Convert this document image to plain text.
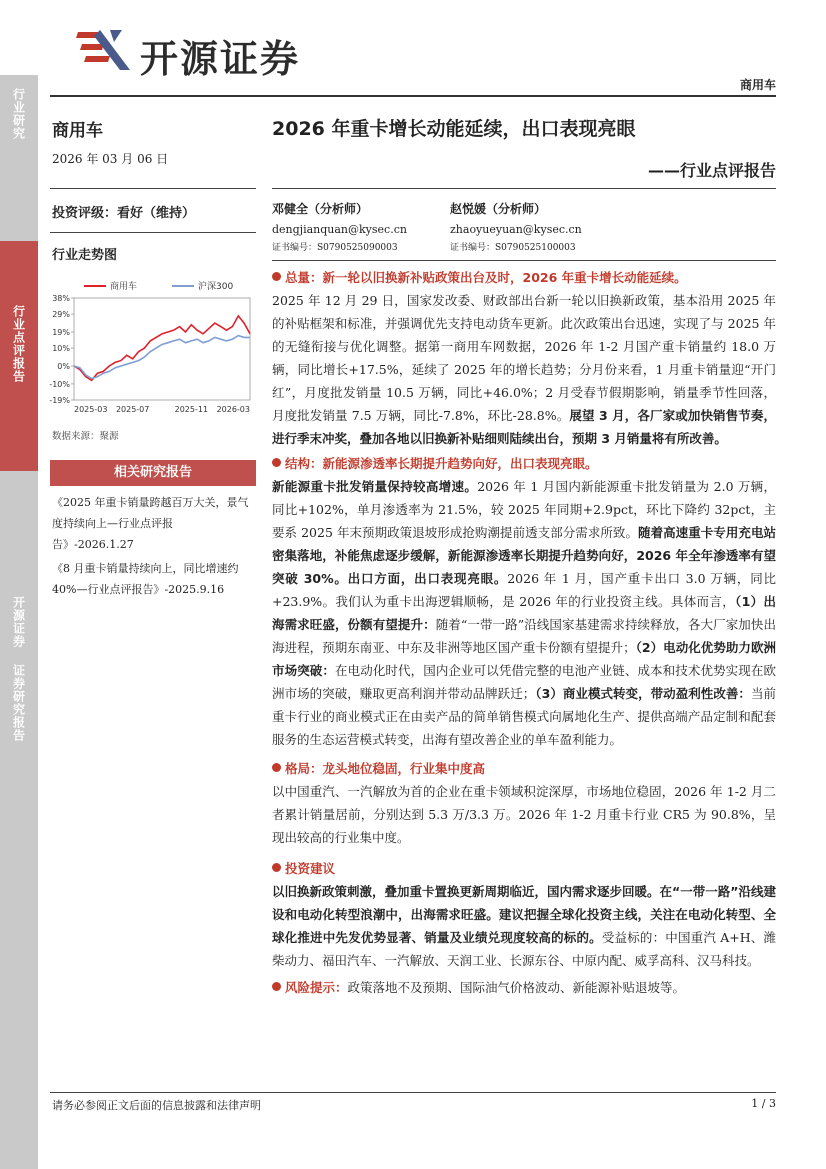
行业研究
行业点评报告
开源证券
证券研究报告
开源证券
商用车
商用车
2026 年 03 月 06 日
投资评级：看好（维持）
行业走势图
38%
29%
19%
10%
0%
-10%
-19%
2025-03 2025-07	2025-11 2026-03
商用车	沪深300
数据来源：聚源
相关研究报告
《2025 年重卡销量跨越百万大关，景气度持续向上—行业点评报告》-2026.1.27
《8 月重卡销量持续向上，同比增速约 40%—行业点评报告》-2025.9.16
2026 年重卡增长动能延续，出口表现亮眼
——行业点评报告
邓健全（分析师）
dengjianquan@kysec.cn
证书编号：S0790525090003
赵悦媛（分析师）
zhaoyueyuan@kysec.cn
证书编号：S0790525100003
总量：新一轮以旧换新补贴政策出台及时，2026 年重卡增长动能延续。
2025 年 12 月 29 日，国家发改委、财政部出台新一轮以旧换新政策，基本沿用 2025 年的补贴框架和标准，并强调优先支持电动货车更新。此次政策出台迅速，实现了与 2025 年的无缝衔接与优化调整。据第一商用车网数据，2026 年 1-2 月国产重卡销量约 18.0 万辆，同比增长+17.5%，延续了 2025 年的增长趋势；分月份来看，1 月重卡销量迎“开门红”，月度批发销量 10.5 万辆，同比+46.0%；2 月受春节假期影响，销量季节性回落，月度批发销量 7.5 万辆，同比-7.8%，环比-28.8%。展望 3 月，各厂家或加快销售节奏，进行季末冲奖，叠加各地以旧换新补贴细则陆续出台，预期 3 月销量将有所改善。
结构：新能源渗透率长期提升趋势向好，出口表现亮眼。
新能源重卡批发销量保持较高增速。2026 年 1 月国内新能源重卡批发销量为 2.0 万辆，同比+102%，单月渗透率为 21.5%，较 2025 年同期+2.9pct，环比下降约 32pct，主要系 2025 年末预期政策退坡形成抢购潮提前透支部分需求所致。随着高速重卡专用充电站密集落地，补能焦虑逐步缓解，新能源渗透率长期提升趋势向好，2026 年全年渗透率有望突破 30%。出口方面，出口表现亮眼。2026 年 1 月，国产重卡出口 3.0 万辆，同比+23.9%。我们认为重卡出海逻辑顺畅，是 2026 年的行业投资主线。具体而言，（1）出海需求旺盛，份额有望提升：随着“一带一路”沿线国家基建需求持续释放，各大厂家加快出海进程，预期东南亚、中东及非洲等地区国产重卡份额有望提升；（2）电动化优势助力欧洲市场突破：在电动化时代，国内企业可以凭借完整的电池产业链、成本和技术优势实现在欧洲市场的突破，赚取更高利润并带动品牌跃迁；（3）商业模式转变，带动盈利性改善：当前重卡行业的商业模式正在由卖产品的简单销售模式向属地化生产、提供高端产品定制和配套服务的生态运营模式转变，出海有望改善企业的单车盈利能力。
格局：龙头地位稳固，行业集中度高
以中国重汽、一汽解放为首的企业在重卡领域积淀深厚，市场地位稳固，2026 年 1-2 月二者累计销量居前，分别达到 5.3 万/3.3 万。2026 年 1-2 月重卡行业 CR5 为 90.8%，呈现出较高的行业集中度。
投资建议
以旧换新政策刺激，叠加重卡置换更新周期临近，国内需求逐步回暖。在“一带一路”沿线建设和电动化转型浪潮中，出海需求旺盛。建议把握全球化投资主线，关注在电动化转型、全球化推进中先发优势显著、销量及业绩兑现度较高的标的。受益标的：中国重汽 A+H、潍柴动力、福田汽车、一汽解放、天润工业、长源东谷、中原内配、威孚高科、汉马科技。
风险提示：政策落地不及预期、国际油气价格波动、新能源补贴退坡等。
请务必参阅正文后面的信息披露和法律声明	1 / 3
